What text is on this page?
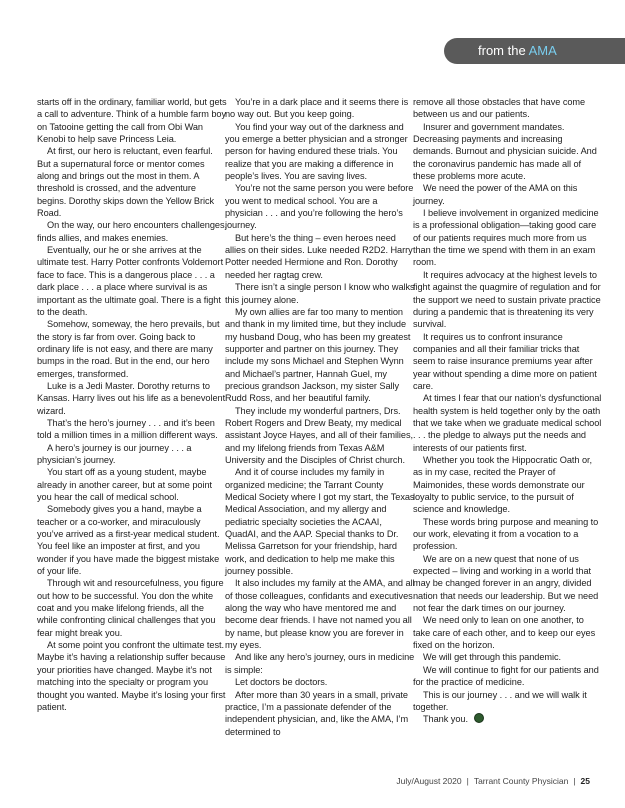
from the AMA

starts off in the ordinary, familiar world, but gets a call to adventure. Think of a humble farm boy on Tatooine getting the call from Obi Wan Kenobi to help save Princess Leia.

At first, our hero is reluctant, even fearful. But a supernatural force or mentor comes along and brings out the most in them. A threshold is crossed, and the adventure begins. Dorothy skips down the Yellow Brick Road.

On the way, our hero encounters challenges, finds allies, and makes enemies.

Eventually, our he or she arrives at the ultimate test. Harry Potter confronts Voldemort face to face. This is a dangerous place . . . a dark place . . . a place where survival is as important as the ultimate goal. There is a fight to the death.

Somehow, someway, the hero prevails, but the story is far from over. Going back to ordinary life is not easy, and there are many bumps in the road. But in the end, our hero emerges, transformed.

Luke is a Jedi Master. Dorothy returns to Kansas. Harry lives out his life as a benevolent wizard.

That’s the hero’s journey . . . and it’s been told a million times in a million different ways.

A hero’s journey is our journey . . . a physician’s journey.

You start off as a young student, maybe already in another career, but at some point you hear the call of medical school.

Somebody gives you a hand, maybe a teacher or a co-worker, and miraculously you’ve arrived as a first-year medical student. You feel like an imposter at first, and you wonder if you have made the biggest mistake of your life.

Through wit and resourcefulness, you figure out how to be successful. You don the white coat and you make lifelong friends, all the while confronting clinical challenges that you fear might break you.

At some point you confront the ultimate test. Maybe it’s having a relationship suffer because your priorities have changed. Maybe it’s not matching into the specialty or program you thought you wanted. Maybe it’s losing your first patient.

You’re in a dark place and it seems there is no way out. But you keep going.

You find your way out of the darkness and you emerge a better physician and a stronger person for having endured these trials. You realize that you are making a difference in people’s lives. You are saving lives.

You’re not the same person you were before you went to medical school. You are a physician . . . and you’re following the hero’s journey.

But here’s the thing – even heroes need allies on their sides. Luke needed R2D2. Harry Potter needed Hermione and Ron. Dorothy needed her ragtag crew.

There isn’t a single person I know who walks this journey alone.

My own allies are far too many to mention and thank in my limited time, but they include my husband Doug, who has been my greatest supporter and partner on this journey. They include my sons Michael and Stephen Wynn and Michael’s partner, Hannah Guel, my precious grandson Jackson, my sister Sally Rudd Ross, and her beautiful family.

They include my wonderful partners, Drs. Robert Rogers and Drew Beaty, my medical assistant Joyce Hayes, and all of their families, and my lifelong friends from Texas A&M University and the Disciples of Christ church.

And it of course includes my family in organized medicine; the Tarrant County Medical Society where I got my start, the Texas Medical Association, and my allergy and pediatric specialty societies the ACAAI, QuadAI, and the AAP. Special thanks to Dr. Melissa Garretson for your friendship, hard work, and dedication to help me make this journey possible.

It also includes my family at the AMA, and all of those colleagues, confidants and executives along the way who have mentored me and become dear friends. I have not named you all by name, but please know you are forever in my eyes.

And like any hero’s journey, ours in medicine is simple:

Let doctors be doctors.

After more than 30 years in a small, private practice, I’m a passionate defender of the independent physician, and, like the AMA, I’m determined to

remove all those obstacles that have come between us and our patients.

Insurer and government mandates. Decreasing payments and increasing demands. Burnout and physician suicide. And the coronavirus pandemic has made all of these problems more acute.

We need the power of the AMA on this journey.

I believe involvement in organized medicine is a professional obligation—taking good care of our patients requires much more from us than the time we spend with them in an exam room.

It requires advocacy at the highest levels to fight against the quagmire of regulation and for the support we need to sustain private practice during a pandemic that is threatening its very survival.

It requires us to confront insurance companies and all their familiar tricks that seem to raise insurance premiums year after year without spending a dime more on patient care.

At times I fear that our nation’s dysfunctional health system is held together only by the oath that we take when we graduate medical school . . . the pledge to always put the needs and interests of our patients first.

Whether you took the Hippocratic Oath or, as in my case, recited the Prayer of Maimonides, these words demonstrate our loyalty to public service, to the pursuit of science and knowledge.

These words bring purpose and meaning to our work, elevating it from a vocation to a profession.

We are on a new quest that none of us expected – living and working in a world that may be changed forever in an angry, divided nation that needs our leadership. But we need not fear the dark times on our journey.

We need only to lean on one another, to take care of each other, and to keep our eyes fixed on the horizon.

We will get through this pandemic.

We will continue to fight for our patients and for the practice of medicine.

This is our journey . . . and we will walk it together.

Thank you.

July/August 2020 | Tarrant County Physician | 25
